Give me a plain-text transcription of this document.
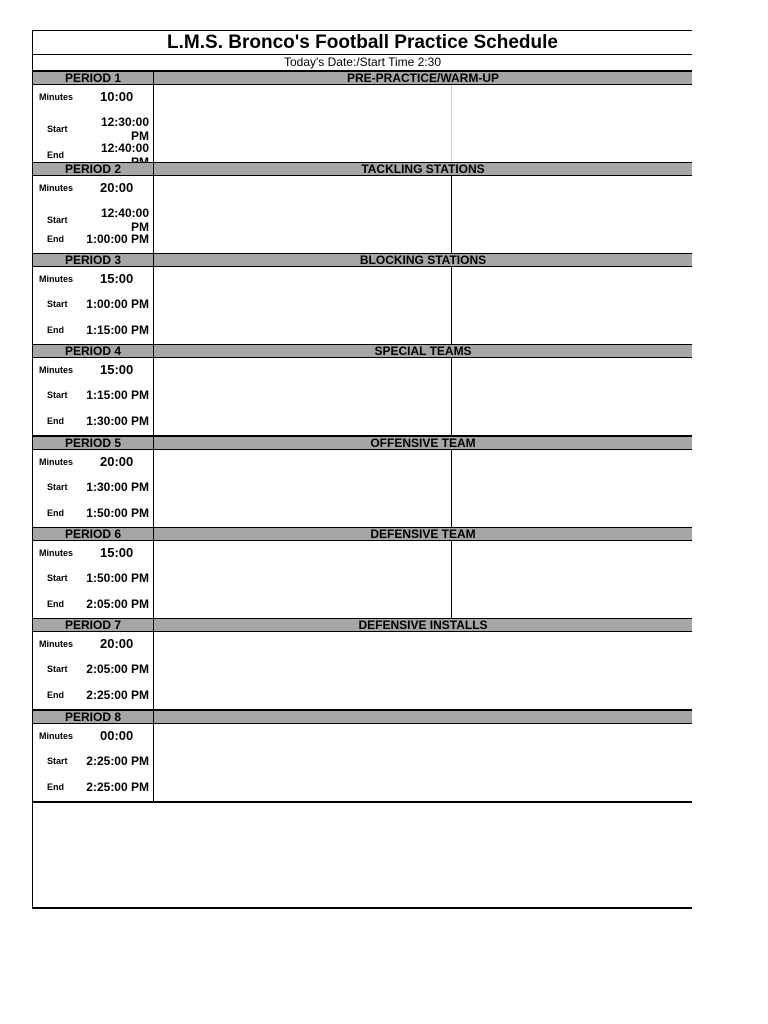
L.M.S. Bronco's Football Practice Schedule
Today's Date:/Start Time 2:30
PERIOD 1	PRE-PRACTICE/WARM-UP
Minutes	10:00
Start	12:30:00 PM
End	12:40:00
PERIOD 2	TACKLING STATIONS
Minutes	20:00
Start	12:40:00 PM
End	1:00:00 PM
PERIOD 3	BLOCKING STATIONS
Minutes	15:00
Start	1:00:00 PM
End	1:15:00 PM
PERIOD 4	SPECIAL TEAMS
Minutes	15:00
Start	1:15:00 PM
End	1:30:00 PM
PERIOD 5	OFFENSIVE TEAM
Minutes	20:00
Start	1:30:00 PM
End	1:50:00 PM
PERIOD 6	DEFENSIVE TEAM
Minutes	15:00
Start	1:50:00 PM
End	2:05:00 PM
PERIOD 7	DEFENSIVE INSTALLS
Minutes	20:00
Start	2:05:00 PM
End	2:25:00 PM
PERIOD 8
Minutes	00:00
Start	2:25:00 PM
End	2:25:00 PM
